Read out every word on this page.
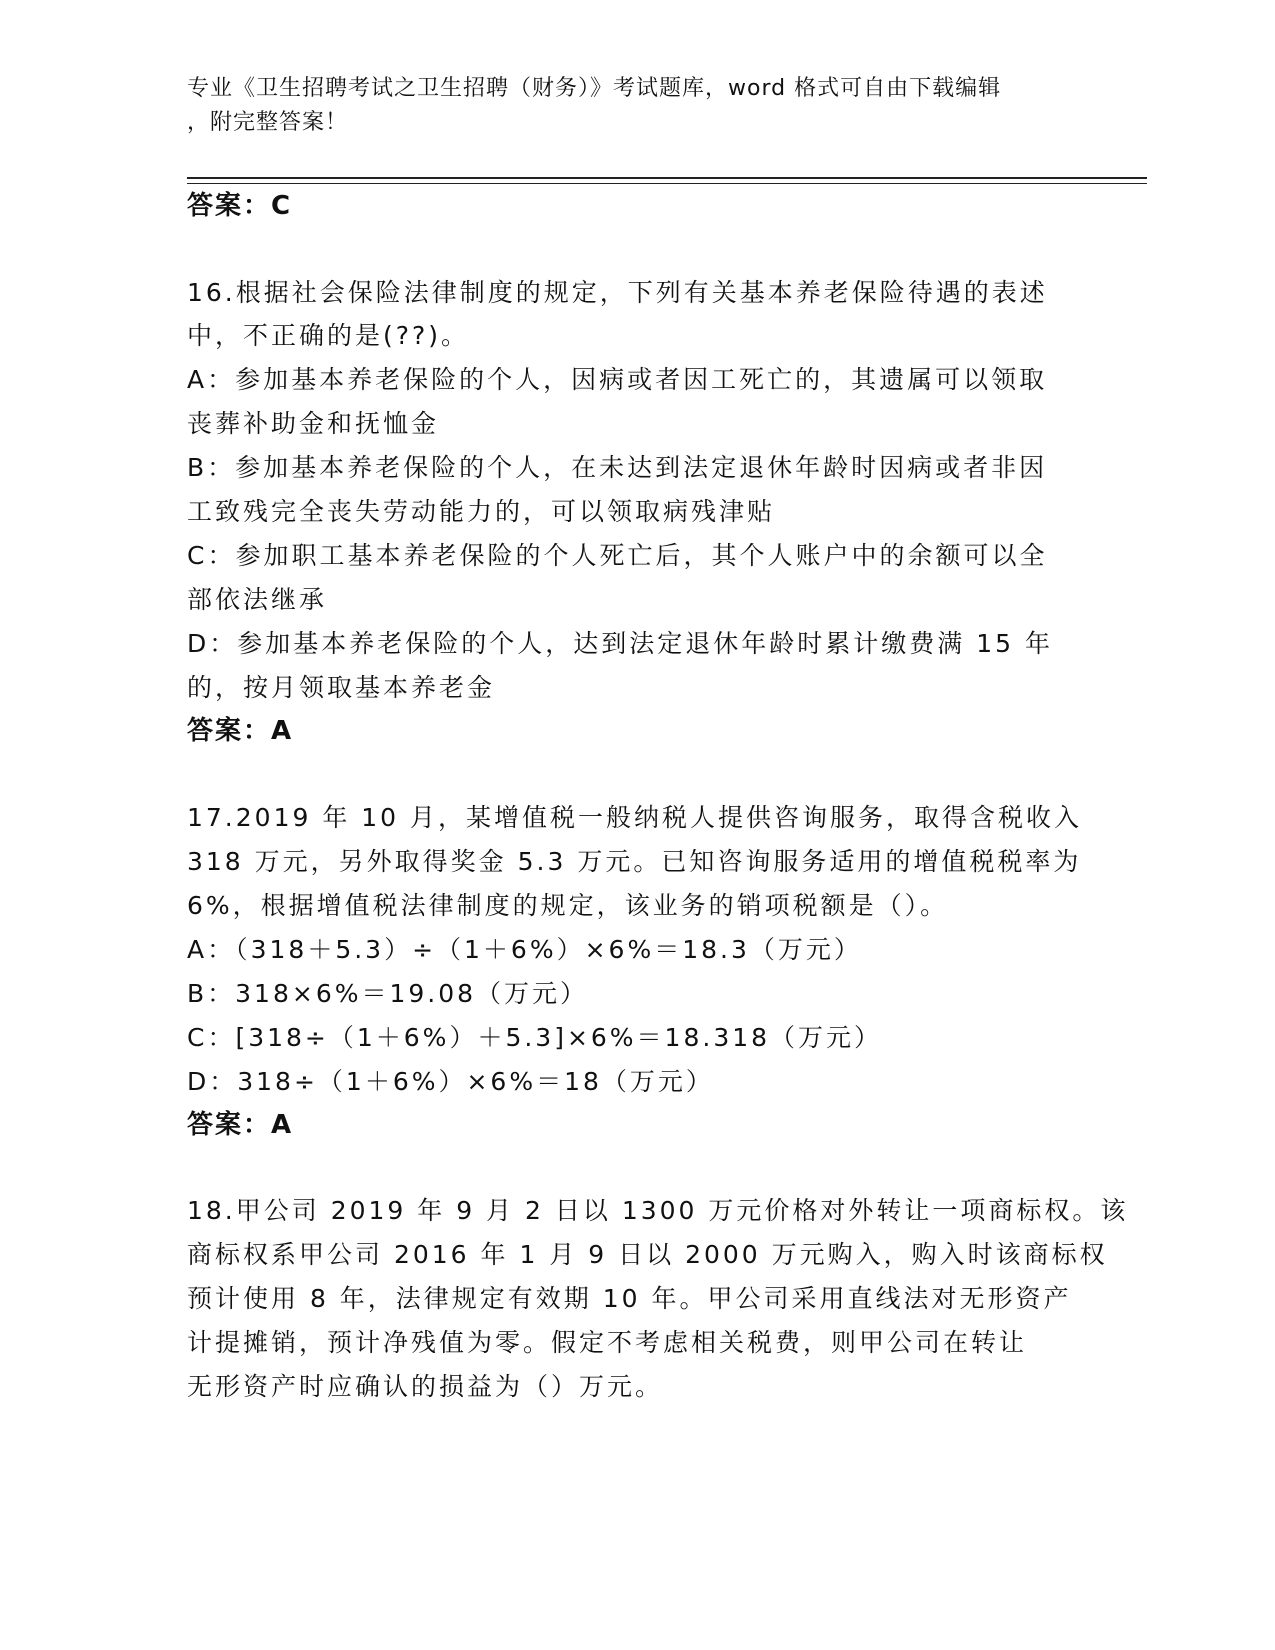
专业《卫生招聘考试之卫生招聘（财务）》考试题库，word 格式可自由下载编辑
，附完整答案！
答案：C
16.根据社会保险法律制度的规定，下列有关基本养老保险待遇的表述
中，不正确的是(??)。
A：参加基本养老保险的个人，因病或者因工死亡的，其遗属可以领取
丧葬补助金和抚恤金
B：参加基本养老保险的个人，在未达到法定退休年龄时因病或者非因
工致残完全丧失劳动能力的，可以领取病残津贴
C：参加职工基本养老保险的个人死亡后，其个人账户中的余额可以全
部依法继承
D：参加基本养老保险的个人，达到法定退休年龄时累计缴费满 15 年
的，按月领取基本养老金
答案：A
17.2019 年 10 月，某增值税一般纳税人提供咨询服务，取得含税收入
318 万元，另外取得奖金 5.3 万元。已知咨询服务适用的增值税税率为
6%，根据增值税法律制度的规定，该业务的销项税额是（）。
A：（318＋5.3）÷（1＋6%）×6%＝18.3（万元）
B：318×6%＝19.08（万元）
C：[318÷（1＋6%）＋5.3]×6%＝18.318（万元）
D：318÷（1＋6%）×6%＝18（万元）
答案：A
18.甲公司 2019 年 9 月 2 日以 1300 万元价格对外转让一项商标权。该
商标权系甲公司 2016 年 1 月 9 日以 2000 万元购入，购入时该商标权
预计使用 8 年，法律规定有效期 10 年。甲公司采用直线法对无形资产
计提摊销，预计净残值为零。假定不考虑相关税费，则甲公司在转让
无形资产时应确认的损益为（）万元。
